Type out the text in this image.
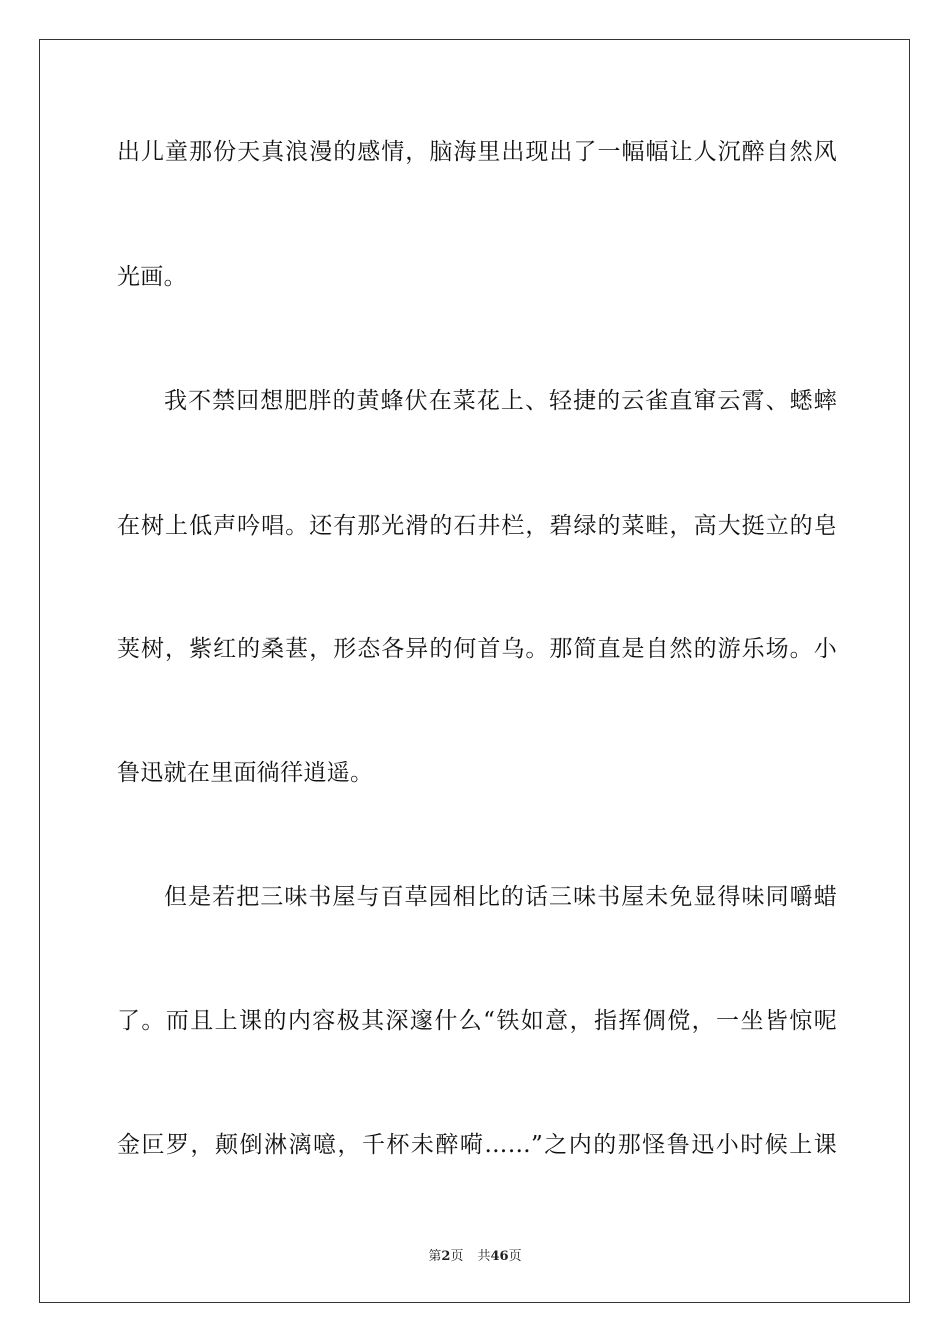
出儿童那份天真浪漫的感情，脑海里出现出了一幅幅让人沉醉自然风
光画。
我不禁回想肥胖的黄蜂伏在菜花上、轻捷的云雀直窜云霄、蟋蟀
在树上低声吟唱。还有那光滑的石井栏，碧绿的菜畦，高大挺立的皂
荚树，紫红的桑葚，形态各异的何首乌。那简直是自然的游乐场。小
鲁迅就在里面徜徉逍遥。
但是若把三味书屋与百草园相比的话三味书屋未免显得味同嚼蜡
了。而且上课的内容极其深邃什么“铁如意，指挥倜傥，一坐皆惊呢
金叵罗，颠倒淋漓噫，千杯未醉嗬……”之内的那怪鲁迅小时候上课
第2页 共46页
